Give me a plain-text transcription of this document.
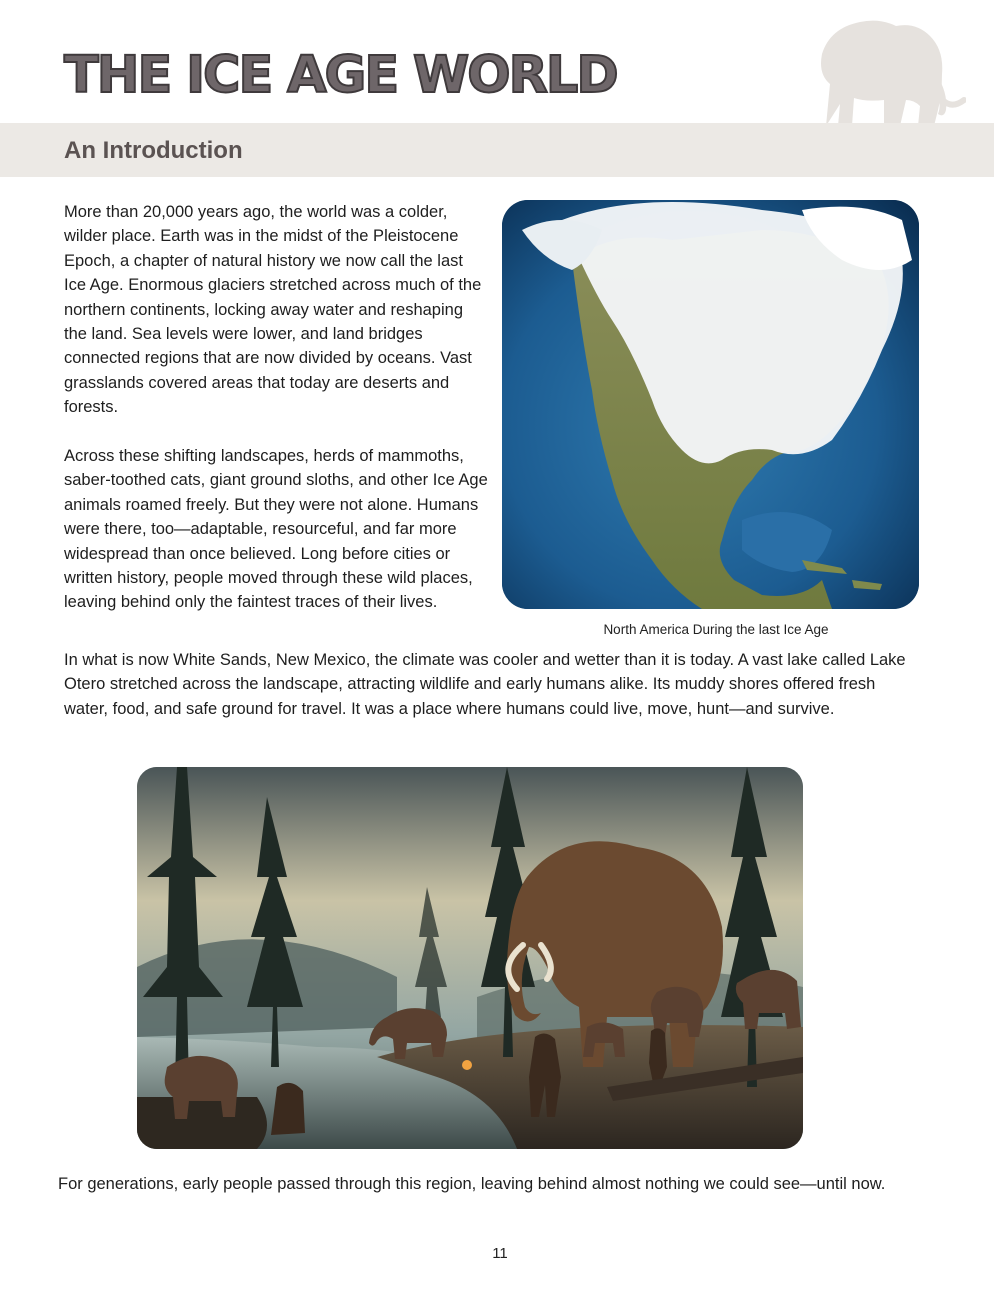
THE ICE AGE WORLD
An Introduction

More than 20,000 years ago, the world was a colder, wilder place. Earth was in the midst of the Pleistocene Epoch, a chapter of natural history we now call the last Ice Age. Enormous glaciers stretched across much of the northern continents, locking away water and reshaping the land. Sea levels were lower, and land bridges connected regions that are now divided by oceans. Vast grasslands covered areas that today are deserts and forests.

Across these shifting landscapes, herds of mammoths, saber-toothed cats, giant ground sloths, and other Ice Age animals roamed freely. But they were not alone. Humans were there, too—adaptable, resourceful, and far more widespread than once believed. Long before cities or written history, people moved through these wild places, leaving behind only the faintest traces of their lives.

North America During the last Ice Age

In what is now White Sands, New Mexico, the climate was cooler and wetter than it is today. A vast lake called Lake Otero stretched across the landscape, attracting wildlife and early humans alike. Its muddy shores offered fresh water, food, and safe ground for travel. It was a place where humans could live, move, hunt—and survive.

For generations, early people passed through this region, leaving behind almost nothing we could see—until now.

11
